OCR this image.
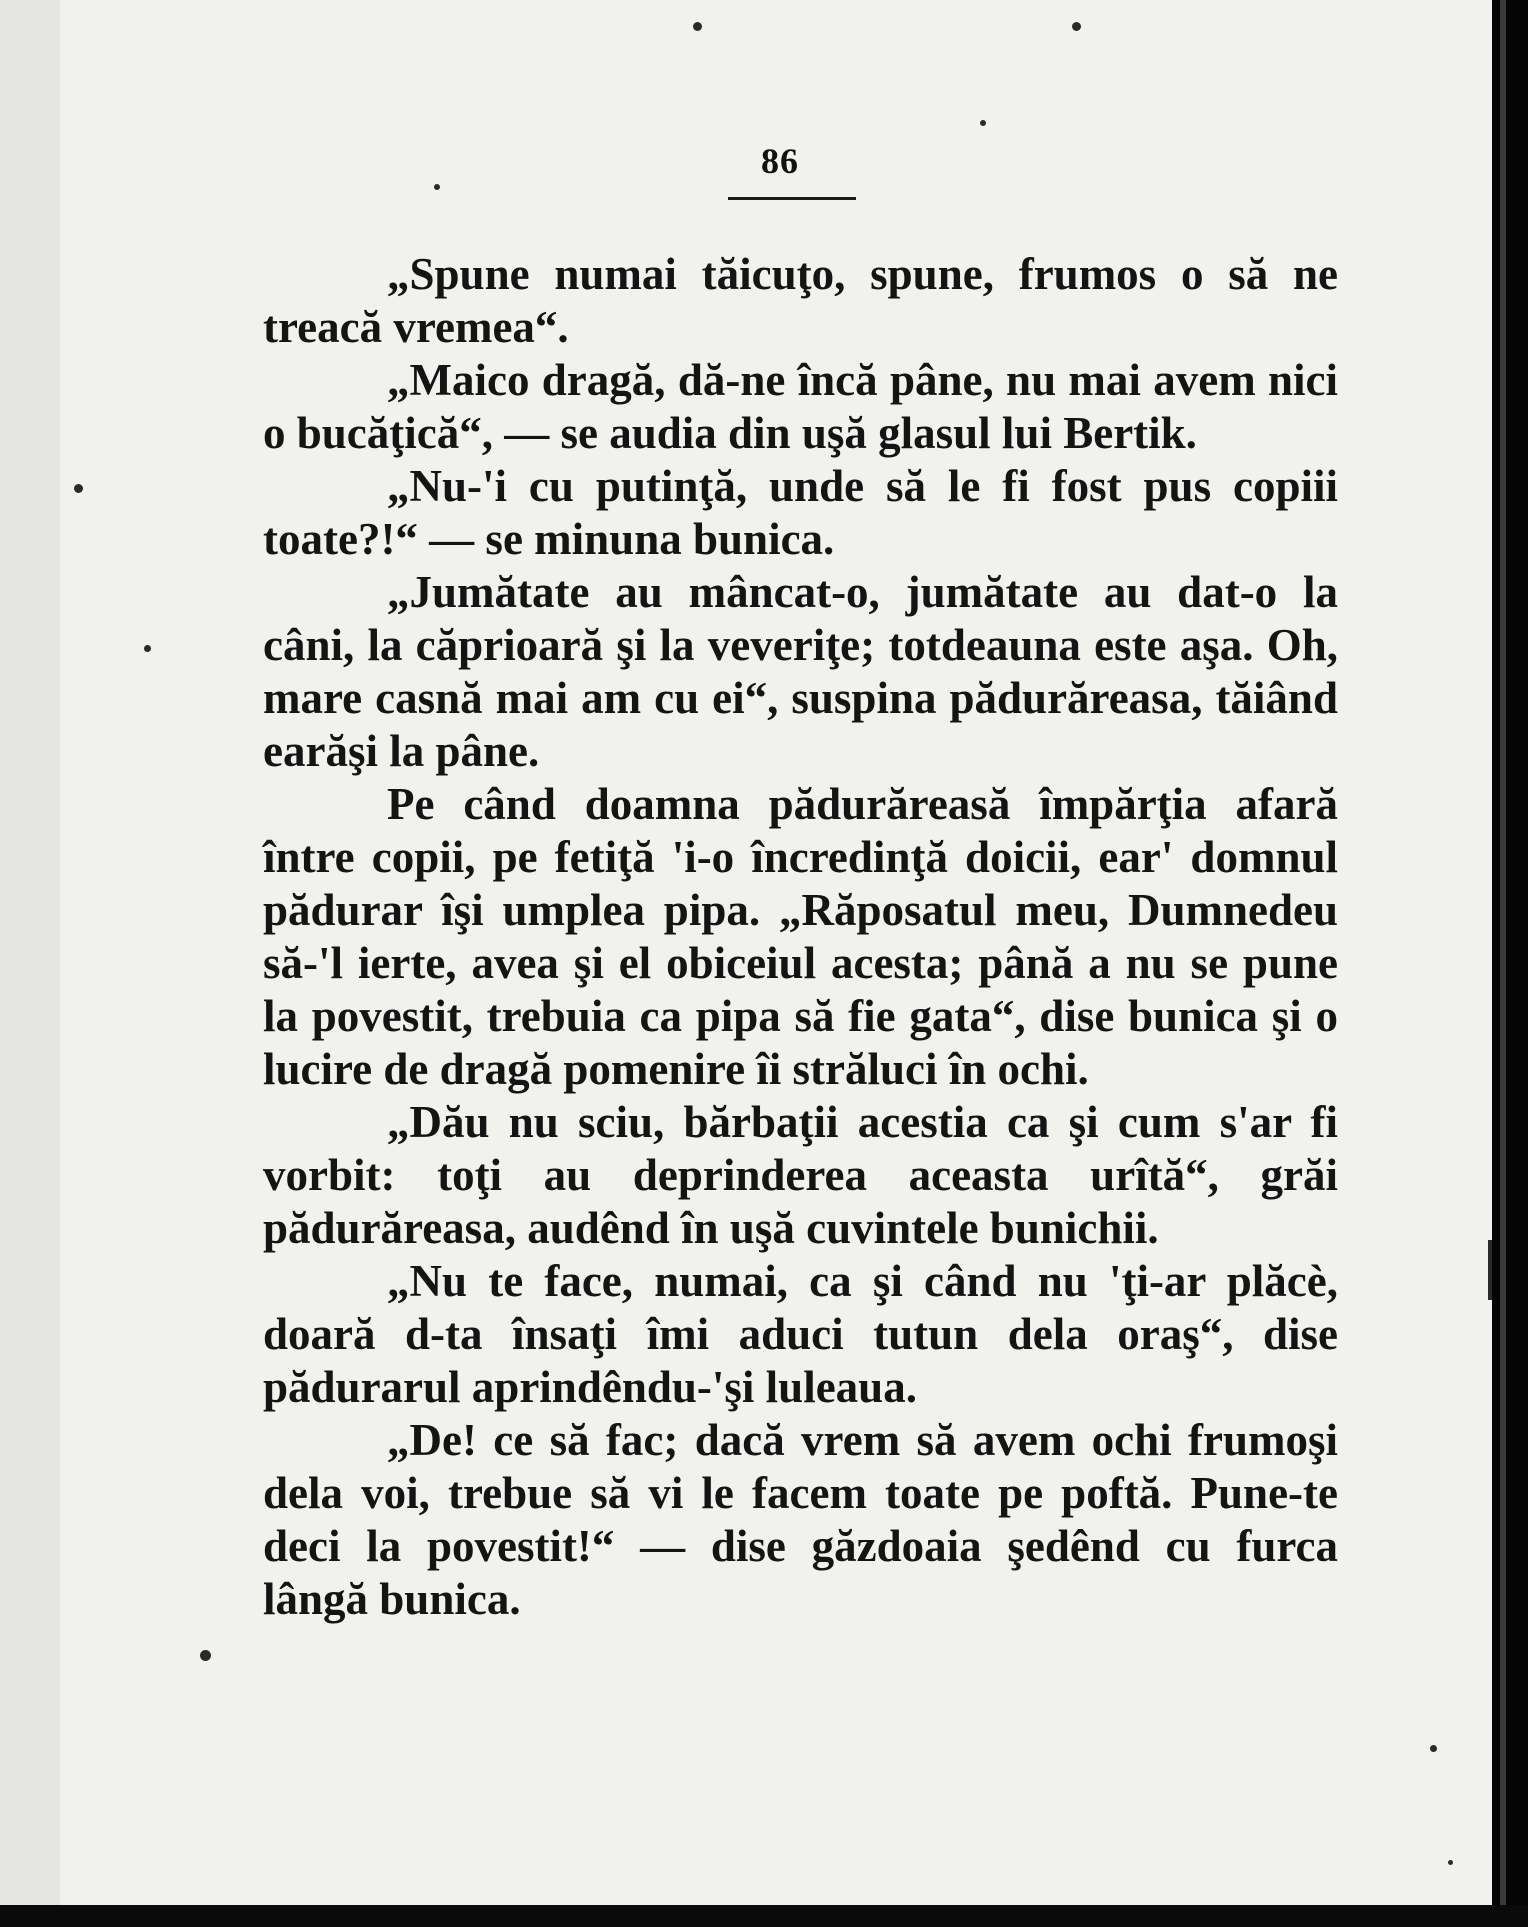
86

„Spune numai tăicuţo, spune, frumos o să ne treacă vremea“.

„Maico dragă, dă-ne încă pâne, nu mai avem nici o bucăţică“, — se audia din uşă glasul lui Bertik.

„Nu-'i cu putinţă, unde să le fi fost pus copiii toate?!“ — se minuna bunica.

„Jumătate au mâncat-o, jumătate au dat-o la câni, la căprioară şi la veveriţe; totdeauna este aşa. Oh, mare casnă mai am cu ei“, suspina pădurăreasa, tăiând earăşi la pâne.

Pe când doamna pădurăreasă împărţia afară între copii, pe fetiţă 'i-o încredinţă doicii, ear' domnul pădurar îşi umplea pipa. „Răposatul meu, Dumnedeu să-'l ierte, avea şi el obiceiul acesta; până a nu se pune la povestit, trebuia ca pipa să fie gata“, dise bunica şi o lucire de dragă pomenire îi străluci în ochi.

„Dău nu sciu, bărbaţii acestia ca şi cum s'ar fi vorbit: toţi au deprinderea aceasta urîtă“, grăi pădurăreasa, audênd în uşă cuvintele bunichii.

„Nu te face, numai, ca şi când nu 'ţi-ar plăcè, doară d-ta însaţi îmi aduci tutun dela oraş“, dise pădurarul aprindêndu-'şi luleaua.

„De! ce să fac; dacă vrem să avem ochi frumoşi dela voi, trebue să vi le facem toate pe poftă. Pune-te deci la povestit!“ — dise găzdoaia şedênd cu furca lângă bunica.
